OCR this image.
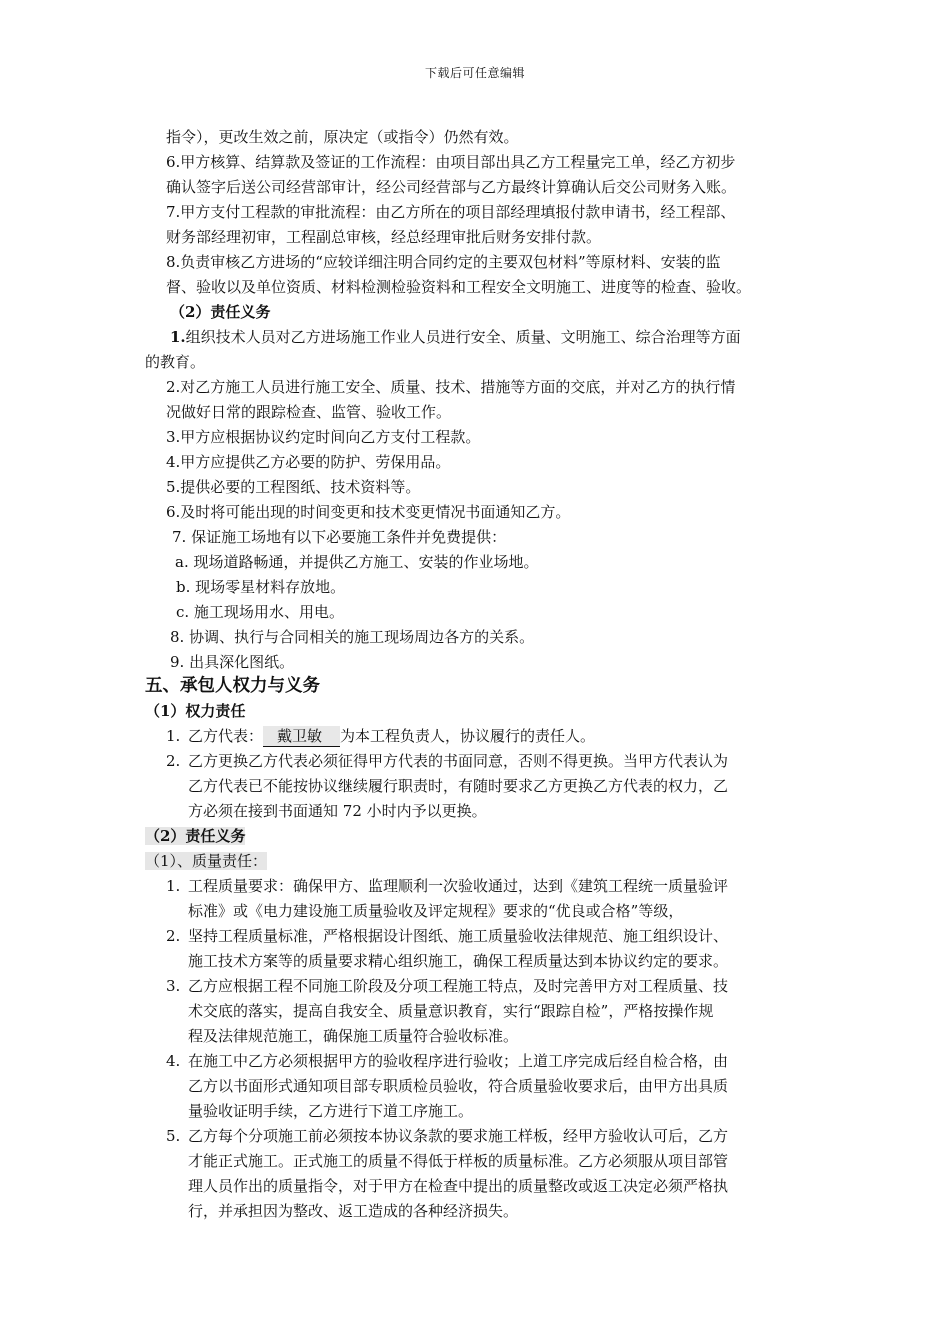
下载后可任意编辑
指令），更改生效之前，原决定（或指令）仍然有效。
6.甲方核算、结算款及签证的工作流程：由项目部出具乙方工程量完工单，经乙方初步
确认签字后送公司经营部审计，经公司经营部与乙方最终计算确认后交公司财务入账。
7.甲方支付工程款的审批流程：由乙方所在的项目部经理填报付款申请书，经工程部、
财务部经理初审，工程副总审核，经总经理审批后财务安排付款。
8.负责审核乙方进场的“应较详细注明合同约定的主要双包材料”等原材料、安装的监
督、验收以及单位资质、材料检测检验资料和工程安全文明施工、进度等的检查、验收。
（2）责任义务
1.组织技术人员对乙方进场施工作业人员进行安全、质量、文明施工、综合治理等方面
的教育。
2.对乙方施工人员进行施工安全、质量、技术、措施等方面的交底，并对乙方的执行情
况做好日常的跟踪检查、监管、验收工作。
3.甲方应根据协议约定时间向乙方支付工程款。
4.甲方应提供乙方必要的防护、劳保用品。
5.提供必要的工程图纸、技术资料等。
6.及时将可能出现的时间变更和技术变更情况书面通知乙方。
7. 保证施工场地有以下必要施工条件并免费提供：
a. 现场道路畅通，并提供乙方施工、安装的作业场地。
b. 现场零星材料存放地。
c. 施工现场用水、用电。
8. 协调、执行与合同相关的施工现场周边各方的关系。
9. 出具深化图纸。
五、承包人权力与义务
（1）权力责任
1. 乙方代表： 戴卫敏 为本工程负责人，协议履行的责任人。
2. 乙方更换乙方代表必须征得甲方代表的书面同意，否则不得更换。当甲方代表认为
乙方代表已不能按协议继续履行职责时，有随时要求乙方更换乙方代表的权力，乙
方必须在接到书面通知 72 小时内予以更换。
（2）责任义务
（1）、质量责任：
1. 工程质量要求：确保甲方、监理顺利一次验收通过，达到《建筑工程统一质量验评
标准》或《电力建设施工质量验收及评定规程》要求的“优良或合格”等级，
2. 坚持工程质量标准，严格根据设计图纸、施工质量验收法律规范、施工组织设计、
施工技术方案等的质量要求精心组织施工，确保工程质量达到本协议约定的要求。
3. 乙方应根据工程不同施工阶段及分项工程施工特点，及时完善甲方对工程质量、技
术交底的落实，提高自我安全、质量意识教育，实行“跟踪自检”，严格按操作规
程及法律规范施工，确保施工质量符合验收标准。
4. 在施工中乙方必须根据甲方的验收程序进行验收；上道工序完成后经自检合格，由
乙方以书面形式通知项目部专职质检员验收，符合质量验收要求后，由甲方出具质
量验收证明手续，乙方进行下道工序施工。
5. 乙方每个分项施工前必须按本协议条款的要求施工样板，经甲方验收认可后，乙方
才能正式施工。正式施工的质量不得低于样板的质量标准。乙方必须服从项目部管
理人员作出的质量指令，对于甲方在检查中提出的质量整改或返工决定必须严格执
行，并承担因为整改、返工造成的各种经济损失。
